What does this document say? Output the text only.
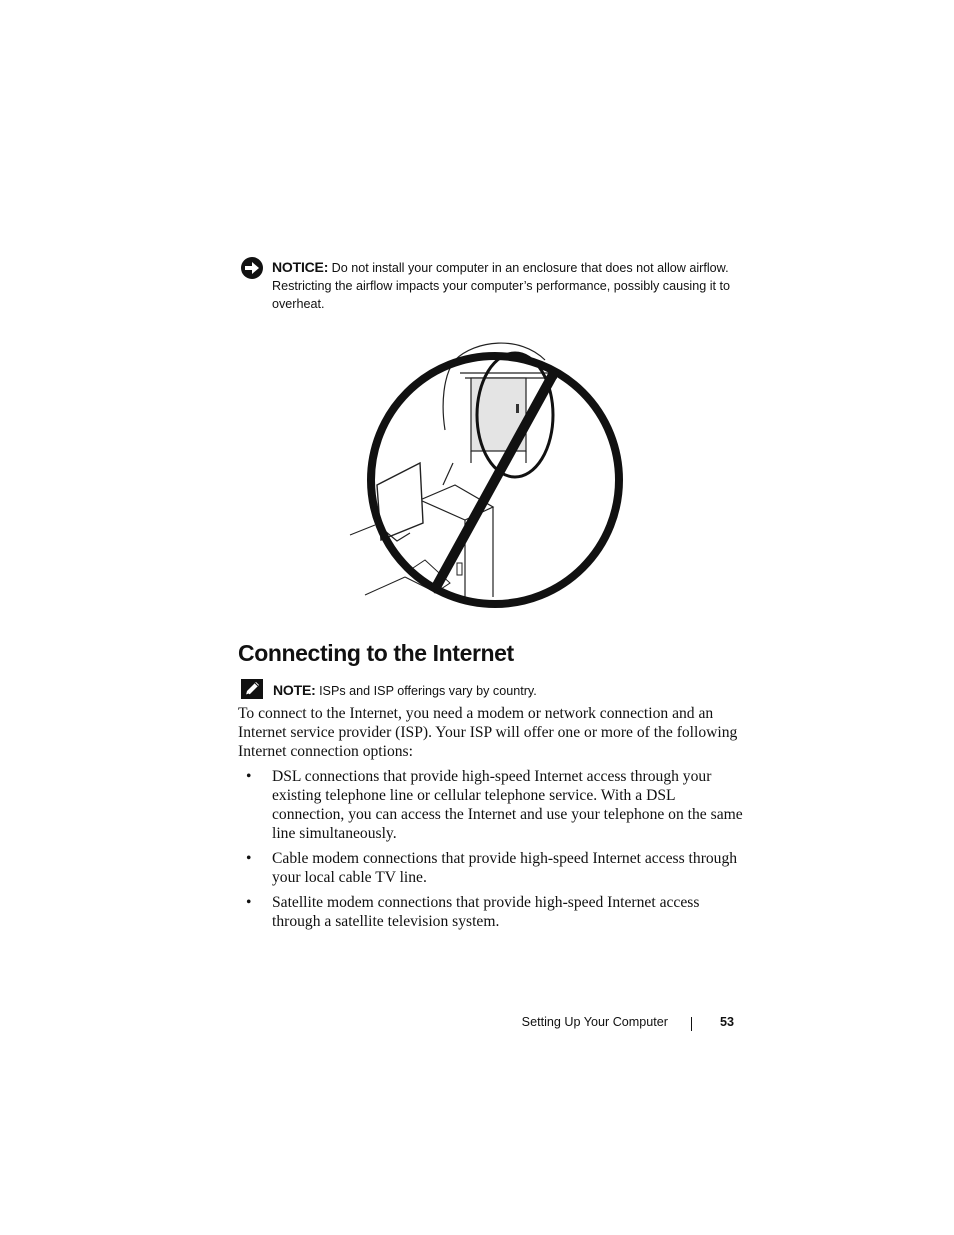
NOTICE: Do not install your computer in an enclosure that does not allow airflow. Restricting the airflow impacts your computer’s performance, possibly causing it to overheat.
Connecting to the Internet
NOTE: ISPs and ISP offerings vary by country.

To connect to the Internet, you need a modem or network connection and an Internet service provider (ISP). Your ISP will offer one or more of the following Internet connection options:

• DSL connections that provide high-speed Internet access through your existing telephone line or cellular telephone service. With a DSL connection, you can access the Internet and use your telephone on the same line simultaneously.
• Cable modem connections that provide high-speed Internet access through your local cable TV line.
• Satellite modem connections that provide high-speed Internet access through a satellite television system.
Setting Up Your Computer	53
